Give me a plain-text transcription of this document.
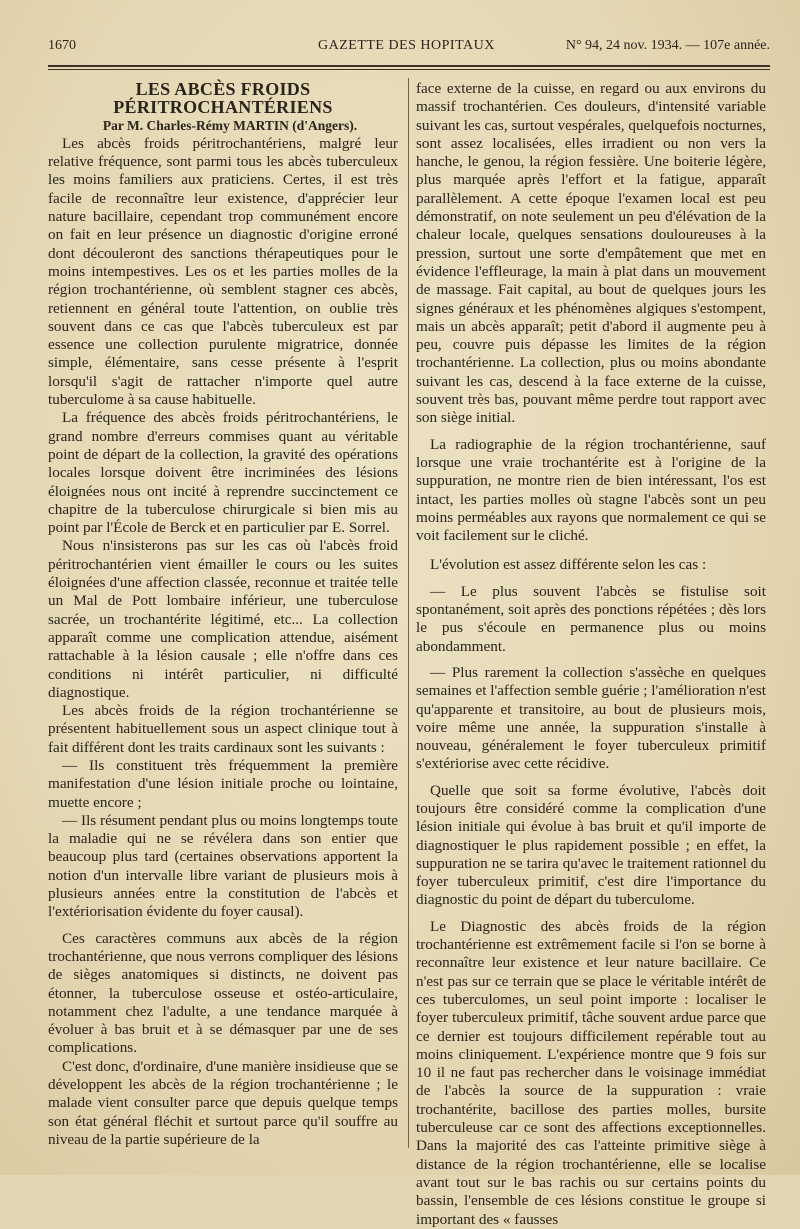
1670	GAZETTE DES HOPITAUX	N° 94, 24 nov. 1934. — 107e année.

LES ABCÈS FROIDS PÉRITROCHANTÉRIENS

Par M. Charles-Rémy MARTIN (d'Angers).

Les abcès froids péritrochantériens, malgré leur relative fréquence, sont parmi tous les abcès tuberculeux les moins familiers aux praticiens. Certes, il est très facile de reconnaître leur existence, d'apprécier leur nature bacillaire, cependant trop communément encore on fait en leur présence un diagnostic d'origine erroné dont découleront des sanctions thérapeutiques pour le moins intempestives. Les os et les parties molles de la région trochantérienne, où semblent stagner ces abcès, retiennent en général toute l'attention, on oublie très souvent dans ce cas que l'abcès tuberculeux est par essence une collection purulente migratrice, donnée simple, élémentaire, sans cesse présente à l'esprit lorsqu'il s'agit de rattacher n'importe quel autre tuberculome à sa cause habituelle.

La fréquence des abcès froids péritrochantériens, le grand nombre d'erreurs commises quant au véritable point de départ de la collection, la gravité des opérations locales lorsque doivent être incriminées des lésions éloignées nous ont incité à reprendre succinctement ce chapitre de la tuberculose chirurgicale si bien mis au point par l'École de Berck et en particulier par E. Sorrel.

Nous n'insisterons pas sur les cas où l'abcès froid péritrochantérien vient émailler le cours ou les suites éloignées d'une affection classée, reconnue et traitée telle un Mal de Pott lombaire inférieur, une tuberculose sacrée, un trochantérite légitimé, etc... La collection apparaît comme une complication attendue, aisément rattachable à la lésion causale ; elle n'offre dans ces conditions ni intérêt particulier, ni difficulté diagnostique.

Les abcès froids de la région trochantérienne se présentent habituellement sous un aspect clinique tout à fait différent dont les traits cardinaux sont les suivants :

— Ils constituent très fréquemment la première manifestation d'une lésion initiale proche ou lointaine, muette encore ;

— Ils résument pendant plus ou moins longtemps toute la maladie qui ne se révélera dans son entier que beaucoup plus tard (certaines observations apportent la notion d'un intervalle libre variant de plusieurs mois à plusieurs années entre la constitution de l'abcès et l'extériorisation évidente du foyer causal).

Ces caractères communs aux abcès de la région trochantérienne, que nous verrons compliquer des lésions de sièges anatomiques si distincts, ne doivent pas étonner, la tuberculose osseuse et ostéo-articulaire, notamment chez l'adulte, a une tendance marquée à évoluer à bas bruit et à se démasquer par une de ses complications.

C'est donc, d'ordinaire, d'une manière insidieuse que se développent les abcès de la région trochantérienne ; le malade vient consulter parce que depuis quelque temps son état général fléchit et surtout parce qu'il souffre au niveau de la partie supérieure de la

face externe de la cuisse, en regard ou aux environs du massif trochantérien. Ces douleurs, d'intensité variable suivant les cas, surtout vespérales, quelquefois nocturnes, sont assez localisées, elles irradient ou non vers la hanche, le genou, la région fessière. Une boiterie légère, plus marquée après l'effort et la fatigue, apparaît parallèlement. A cette époque l'examen local est peu démonstratif, on note seulement un peu d'élévation de la chaleur locale, quelques sensations douloureuses à la pression, surtout une sorte d'empâtement que met en évidence l'effleurage, la main à plat dans un mouvement de massage. Fait capital, au bout de quelques jours les signes généraux et les phénomènes algiques s'estompent, mais un abcès apparaît; petit d'abord il augmente peu à peu, couvre puis dépasse les limites de la région trochantérienne. La collection, plus ou moins abondante suivant les cas, descend à la face externe de la cuisse, souvent très bas, pouvant même perdre tout rapport avec son siège initial.

La radiographie de la région trochantérienne, sauf lorsque une vraie trochantérite est à l'origine de la suppuration, ne montre rien de bien intéressant, l'os est intact, les parties molles où stagne l'abcès sont un peu moins perméables aux rayons que normalement ce qui se voit facilement sur le cliché.

L'évolution est assez différente selon les cas :

— Le plus souvent l'abcès se fistulise soit spontanément, soit après des ponctions répétées ; dès lors le pus s'écoule en permanence plus ou moins abondamment.

— Plus rarement la collection s'assèche en quelques semaines et l'affection semble guérie ; l'amélioration n'est qu'apparente et transitoire, au bout de plusieurs mois, voire même une année, la suppuration s'installe à nouveau, généralement le foyer tuberculeux primitif s'extériorise avec cette récidive.

Quelle que soit sa forme évolutive, l'abcès doit toujours être considéré comme la complication d'une lésion initiale qui évolue à bas bruit et qu'il importe de diagnostiquer le plus rapidement possible ; en effet, la suppuration ne se tarira qu'avec le traitement rationnel du foyer tuberculeux primitif, c'est dire l'importance du diagnostic du point de départ du tuberculome.

Le Diagnostic des abcès froids de la région trochantérienne est extrêmement facile si l'on se borne à reconnaître leur existence et leur nature bacillaire. Ce n'est pas sur ce terrain que se place le véritable intérêt de ces tuberculomes, un seul point importe : localiser le foyer tuberculeux primitif, tâche souvent ardue parce que ce dernier est toujours difficilement repérable tout au moins cliniquement. L'expérience montre que 9 fois sur 10 il ne faut pas rechercher dans le voisinage immédiat de l'abcès la source de la suppuration : vraie trochantérite, bacillose des parties molles, bursite tuberculeuse car ce sont des affections exceptionnelles. Dans la majorité des cas l'atteinte primitive siège à distance de la région trochantérienne, elle se localise avant tout sur le bas rachis ou sur certains points du bassin, l'ensemble de ces lésions constitue le groupe si important des « fausses
